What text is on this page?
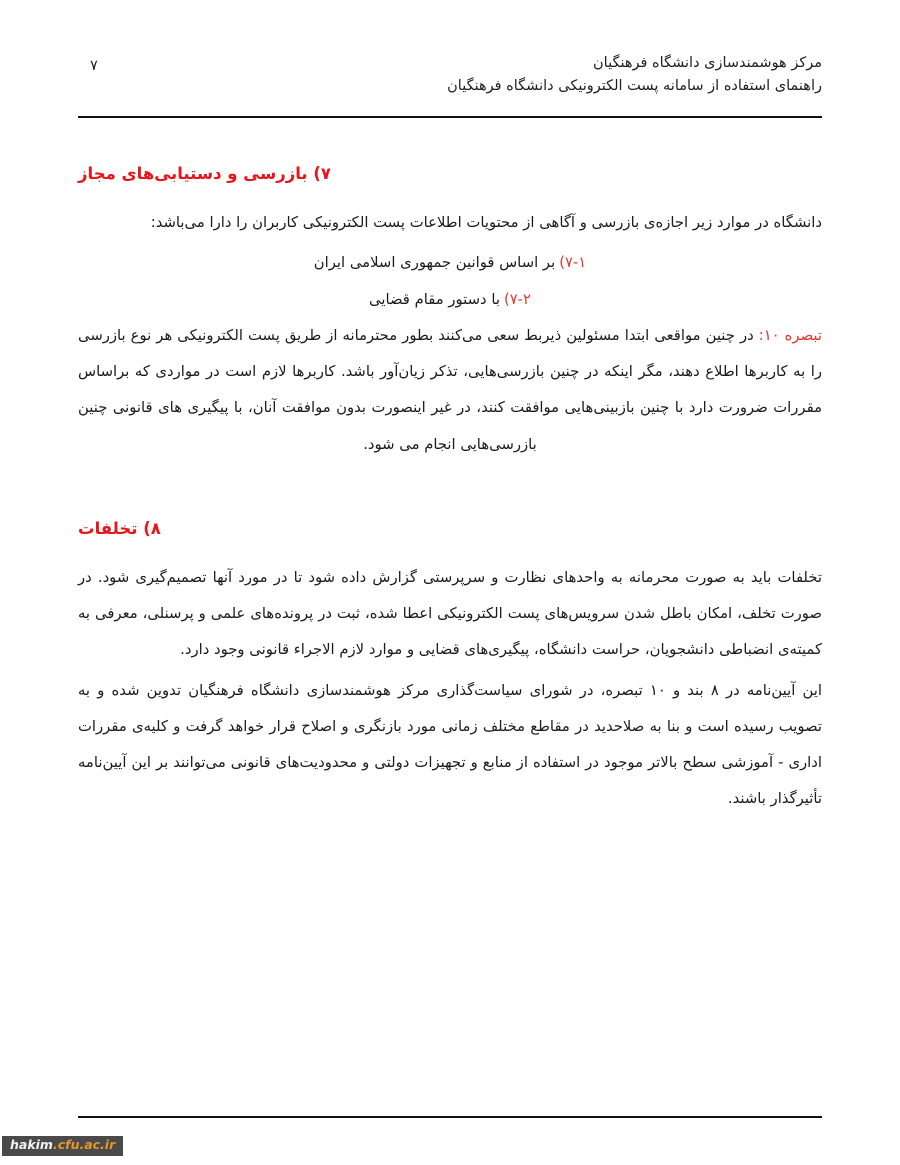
۷	مرکز هوشمندسازی دانشگاه فرهنگیان
راهنمای استفاده از سامانه پست الکترونیکی دانشگاه فرهنگیان
۷) بازرسی و دستیابی‌های مجاز

دانشگاه در موارد زیر اجازه‌ی بازرسی و آگاهی از محتویات اطلاعات پست الکترونیکی کاربران را دارا می‌باشد:

۷-۱)بر اساس قوانین جمهوری اسلامی ایران
۷-۲)با دستور مقام قضایی

تبصره ۱۰: در چنین مواقعی ابتدا مسئولین ذیربط سعی می‌کنند بطور محترمانه از طریق پست الکترونیکی هر نوع بازرسی را به کاربرها اطلاع دهند، مگر اینکه در چنین بازرسی‌هایی، تذکر زیان‌آور باشد. کاربرها لازم است در مواردی که براساس مقررات ضرورت دارد با چنین بازبینی‌هایی موافقت کنند، در غیر اینصورت بدون موافقت آنان، با پیگیری های قانونی چنین بازرسی‌هایی انجام می شود.

۸) تخلفات

تخلفات باید به صورت محرمانه به واحدهای نظارت و سرپرستی گزارش داده شود تا در مورد آنها تصمیم‌گیری شود. در صورت تخلف، امکان باطل شدن سرویس‌های پست الکترونیکی اعطا شده، ثبت در پرونده‌های علمی و پرسنلی، معرفی به کمیته‌ی انضباطی دانشجویان، حراست دانشگاه، پیگیری‌های قضایی و موارد لازم الاجراء قانونی وجود دارد.

این آیین‌نامه در ۸ بند و ۱۰ تبصره، در شورای سیاست‌گذاری مرکز هوشمندسازی دانشگاه فرهنگیان تدوین شده و به تصویب رسیده است و بنا به صلاحدید در مقاطع مختلف زمانی مورد بازنگری و اصلاح قرار خواهد گرفت و کلیه‌ی مقررات اداری - آموزشی سطح بالاتر موجود در استفاده از منابع و تجهیزات دولتی و محدودیت‌های قانونی می‌توانند بر این آیین‌نامه تأثیرگذار باشند.

hakim.cfu.ac.ir
